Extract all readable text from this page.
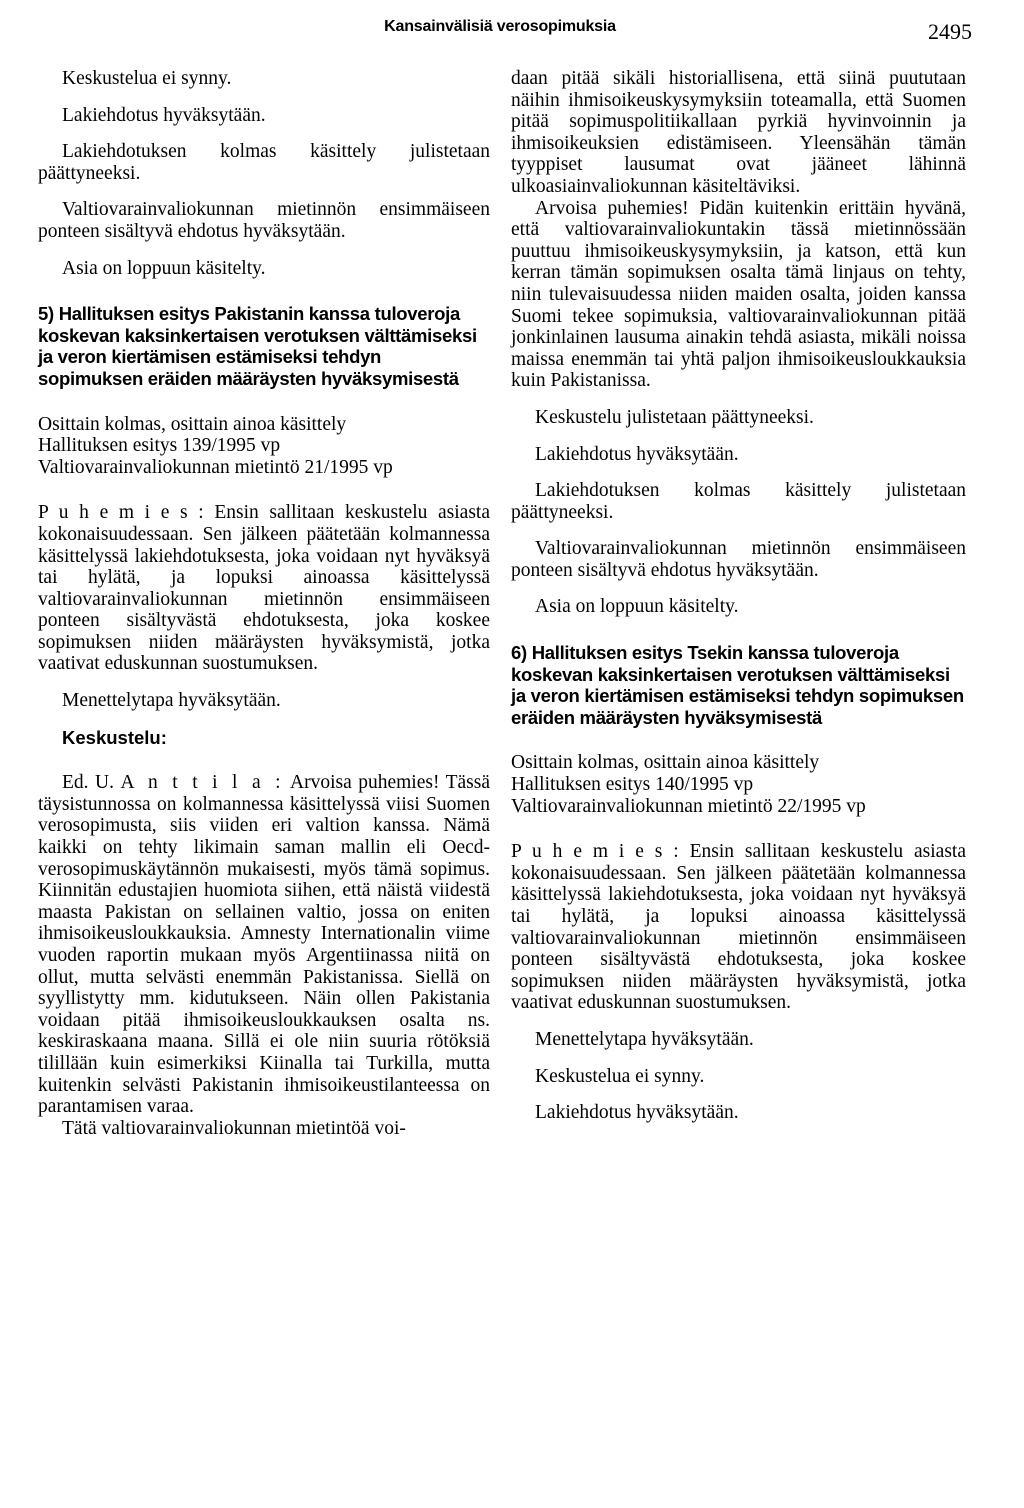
Kansainvälisiä verosopimuksia	2495

Keskustelua ei synny.

Lakiehdotus hyväksytään.

Lakiehdotuksen kolmas käsittely julistetaan päättyneeksi.

Valtiovarainvaliokunnan mietinnön ensimmäiseen ponteen sisältyvä ehdotus hyväksytään.

Asia on loppuun käsitelty.

5) Hallituksen esitys Pakistanin kanssa tuloveroja koskevan kaksinkertaisen verotuksen välttämiseksi ja veron kiertämisen estämiseksi tehdyn sopimuksen eräiden määräysten hyväksymisestä

Osittain kolmas, osittain ainoa käsittely
Hallituksen esitys 139/1995 vp
Valtiovarainvaliokunnan mietintö 21/1995 vp

P u h e m i e s : Ensin sallitaan keskustelu asiasta kokonaisuudessaan. Sen jälkeen päätetään kolmannessa käsittelyssä lakiehdotuksesta, joka voidaan nyt hyväksyä tai hylätä, ja lopuksi ainoassa käsittelyssä valtiovarainvaliokunnan mietinnön ensimmäiseen ponteen sisältyvästä ehdotuksesta, joka koskee sopimuksen niiden määräysten hyväksymistä, jotka vaativat eduskunnan suostumuksen.

Menettelytapa hyväksytään.

Keskustelu:

Ed. U. A n t t i l a : Arvoisa puhemies! Tässä täysistunnossa on kolmannessa käsittelyssä viisi Suomen verosopimusta, siis viiden eri valtion kanssa. Nämä kaikki on tehty likimain saman mallin eli Oecd-verosopimuskäytännön mukaisesti, myös tämä sopimus. Kiinnitän edustajien huomiota siihen, että näistä viidestä maasta Pakistan on sellainen valtio, jossa on eniten ihmisoikeusloukkauksia. Amnesty Internationalin viime vuoden raportin mukaan myös Argentiinassa niitä on ollut, mutta selvästi enemmän Pakistanissa. Siellä on syyllistytty mm. kidutukseen. Näin ollen Pakistania voidaan pitää ihmisoikeusloukkauksen osalta ns. keskiraskaana maana. Sillä ei ole niin suuria rötöksiä tilillään kuin esimerkiksi Kiinalla tai Turkilla, mutta kuitenkin selvästi Pakistanin ihmisoikeustilanteessa on parantamisen varaa.

Tätä valtiovarainvaliokunnan mietintöä voi-

daan pitää sikäli historiallisena, että siinä puututaan näihin ihmisoikeuskysymyksiin toteamalla, että Suomen pitää sopimuspolitiikallaan pyrkiä hyvinvoinnin ja ihmisoikeuksien edistämiseen. Yleensähän tämän tyyppiset lausumat ovat jääneet lähinnä ulkoasiainvaliokunnan käsiteltäviksi.

Arvoisa puhemies! Pidän kuitenkin erittäin hyvänä, että valtiovarainvaliokuntakin tässä mietinnössään puuttuu ihmisoikeuskysymyksiin, ja katson, että kun kerran tämän sopimuksen osalta tämä linjaus on tehty, niin tulevaisuudessa niiden maiden osalta, joiden kanssa Suomi tekee sopimuksia, valtiovarainvaliokunnan pitää jonkinlainen lausuma ainakin tehdä asiasta, mikäli noissa maissa enemmän tai yhtä paljon ihmisoikeusloukkauksia kuin Pakistanissa.

Keskustelu julistetaan päättyneeksi.

Lakiehdotus hyväksytään.

Lakiehdotuksen kolmas käsittely julistetaan päättyneeksi.

Valtiovarainvaliokunnan mietinnön ensimmäiseen ponteen sisältyvä ehdotus hyväksytään.

Asia on loppuun käsitelty.

6) Hallituksen esitys Tsekin kanssa tuloveroja koskevan kaksinkertaisen verotuksen välttämiseksi ja veron kiertämisen estämiseksi tehdyn sopimuksen eräiden määräysten hyväksymisestä

Osittain kolmas, osittain ainoa käsittely
Hallituksen esitys 140/1995 vp
Valtiovarainvaliokunnan mietintö 22/1995 vp

P u h e m i e s : Ensin sallitaan keskustelu asiasta kokonaisuudessaan. Sen jälkeen päätetään kolmannessa käsittelyssä lakiehdotuksesta, joka voidaan nyt hyväksyä tai hylätä, ja lopuksi ainoassa käsittelyssä valtiovarainvaliokunnan mietinnön ensimmäiseen ponteen sisältyvästä ehdotuksesta, joka koskee sopimuksen niiden määräysten hyväksymistä, jotka vaativat eduskunnan suostumuksen.

Menettelytapa hyväksytään.

Keskustelua ei synny.

Lakiehdotus hyväksytään.
